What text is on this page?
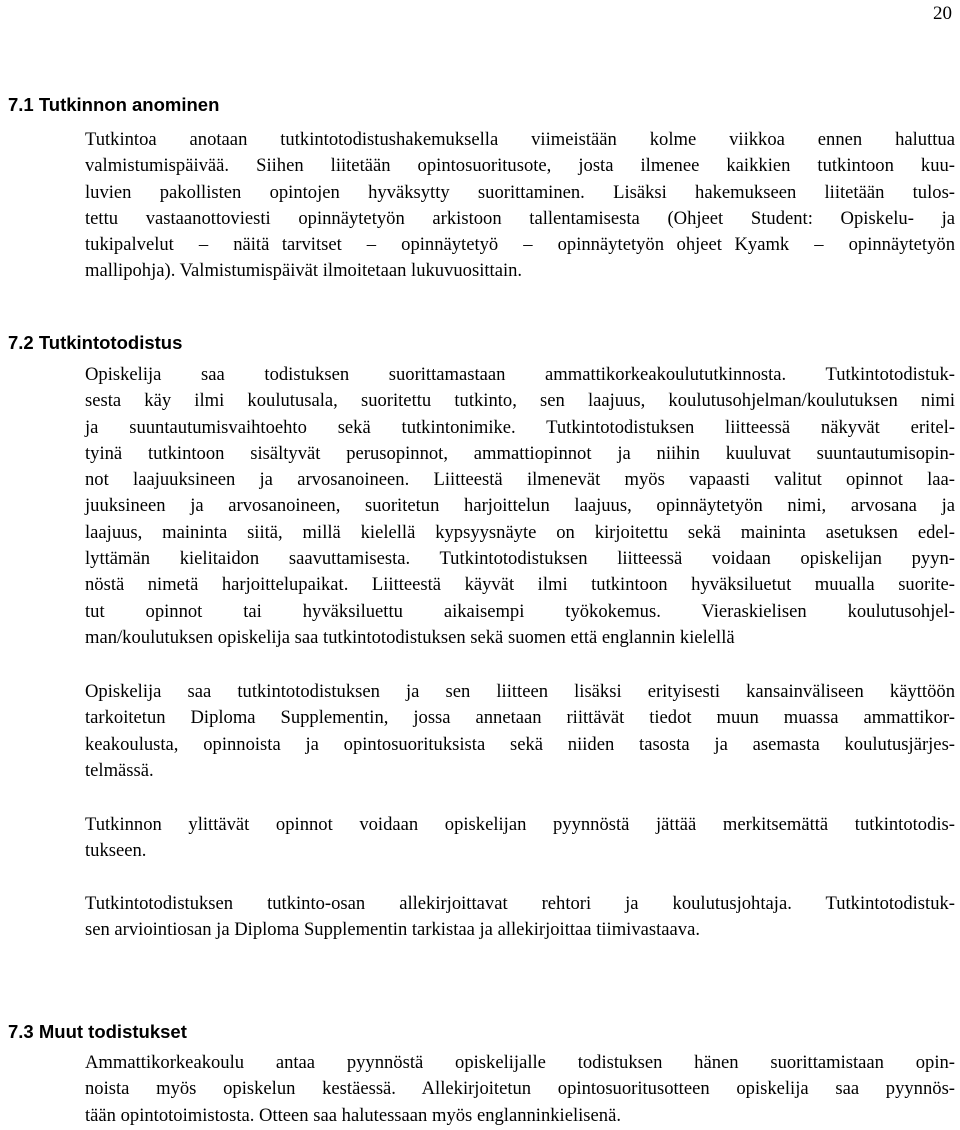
20
7.1 Tutkinnon anominen
Tutkintoa anotaan tutkintotodistushakemuksella viimeistään kolme viikkoa ennen haluttua
valmistumispäivää. Siihen liitetään opintosuoritusote, josta ilmenee kaikkien tutkintoon kuu-
luvien pakollisten opintojen hyväksytty suorittaminen. Lisäksi hakemukseen liitetään tulos-
tettu vastaanottoviesti opinnäytetyön arkistoon tallentamisesta (Ohjeet Student: Opiskelu- ja
tukipalvelut  –  näitä tarvitset  –  opinnäytetyö  –  opinnäytetyön ohjeet Kyamk  –  opinnäytetyön
mallipohja). Valmistumispäivät ilmoitetaan lukuvuosittain.
7.2 Tutkintotodistus
Opiskelija saa todistuksen suorittamastaan ammattikorkeakoulututkinnosta. Tutkintotodistuk-
sesta käy ilmi koulutusala, suoritettu tutkinto, sen laajuus, koulutusohjelman/koulutuksen nimi
ja suuntautumisvaihtoehto sekä tutkintonimike. Tutkintotodistuksen liitteessä näkyvät eritel-
tyinä tutkintoon sisältyvät perusopinnot, ammattiopinnot ja niihin kuuluvat suuntautumisopin-
not laajuuksineen ja arvosanoineen. Liitteestä ilmenevät myös vapaasti valitut opinnot laa-
juuksineen ja arvosanoineen, suoritetun harjoittelun laajuus, opinnäytetyön nimi, arvosana ja
laajuus, maininta siitä, millä kielellä kypsyysnäyte on kirjoitettu sekä maininta asetuksen edel-
lyttämän kielitaidon saavuttamisesta. Tutkintotodistuksen liitteessä voidaan opiskelijan pyyn-
nöstä nimetä harjoittelupaikat. Liitteestä käyvät ilmi tutkintoon hyväksiluetut muualla suorite-
tut opinnot tai hyväksiluettu aikaisempi työkokemus. Vieraskielisen koulutusohjel-
man/koulutuksen opiskelija saa tutkintotodistuksen sekä suomen että englannin kielellä
Opiskelija saa tutkintotodistuksen ja sen liitteen lisäksi erityisesti kansainväliseen käyttöön
tarkoitetun Diploma Supplementin, jossa annetaan riittävät tiedot muun muassa ammattikor-
keakoulusta, opinnoista ja opintosuorituksista sekä niiden tasosta ja asemasta koulutusjärjes-
telmässä.
Tutkinnon ylittävät opinnot voidaan opiskelijan pyynnöstä jättää merkitsemättä tutkintotodis-
tukseen.
Tutkintotodistuksen tutkinto-osan allekirjoittavat rehtori ja koulutusjohtaja. Tutkintotodistuk-
sen arviointiosan ja Diploma Supplementin tarkistaa ja allekirjoittaa tiimivastaava.
7.3 Muut todistukset
Ammattikorkeakoulu antaa pyynnöstä opiskelijalle todistuksen hänen suorittamistaan opin-
noista myös opiskelun kestäessä. Allekirjoitetun opintosuoritusotteen opiskelija saa pyynnös-
tään opintotoimistosta. Otteen saa halutessaan myös englanninkielisenä.
